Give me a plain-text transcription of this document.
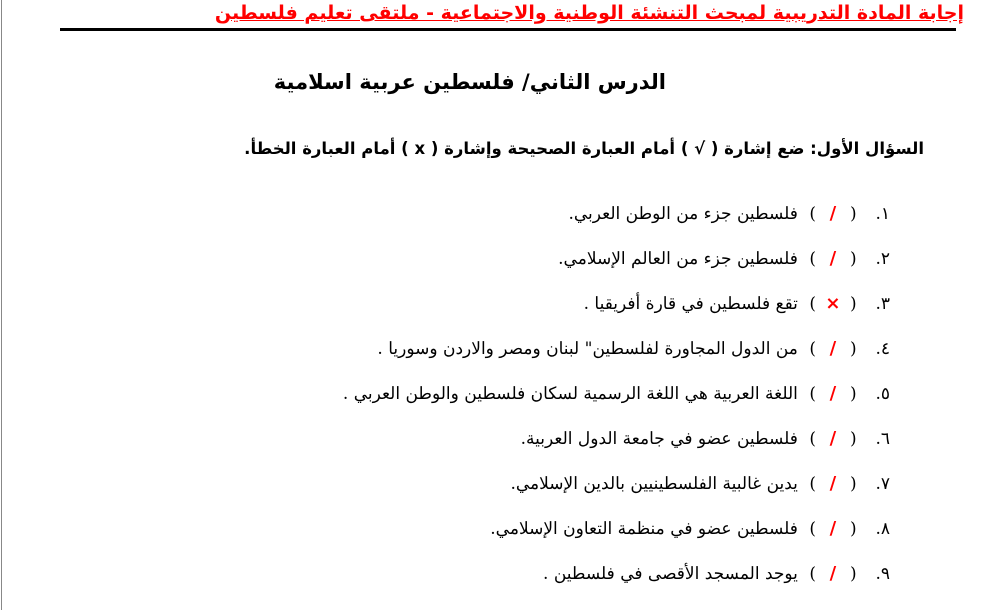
إجابة المادة التدريبية لمبحث التنشئة الوطنية والاجتماعية - ملتقى تعليم فلسطين
الدرس الثاني/ فلسطين عربية اسلامية
السؤال الأول: ضع إشارة ( √ ) أمام العبارة الصحيحة وإشارة ( x ) أمام العبارة الخطأ.
١. (/) فلسطين جزء من الوطن العربي.
٢. (/) فلسطين جزء من العالم الإسلامي.
٣. (×) تقع فلسطين في قارة أفريقيا .
٤. (/) من الدول المجاورة لفلسطين" لبنان ومصر والاردن وسوريا .
٥. (/) اللغة العربية هي اللغة الرسمية لسكان فلسطين والوطن العربي .
٦. (/) فلسطين عضو في جامعة الدول العربية.
٧. (/) يدين غالبية الفلسطينيين بالدين الإسلامي.
٨. (/) فلسطين عضو في منظمة التعاون الإسلامي.
٩. (/) يوجد المسجد الأقصى في فلسطين .
